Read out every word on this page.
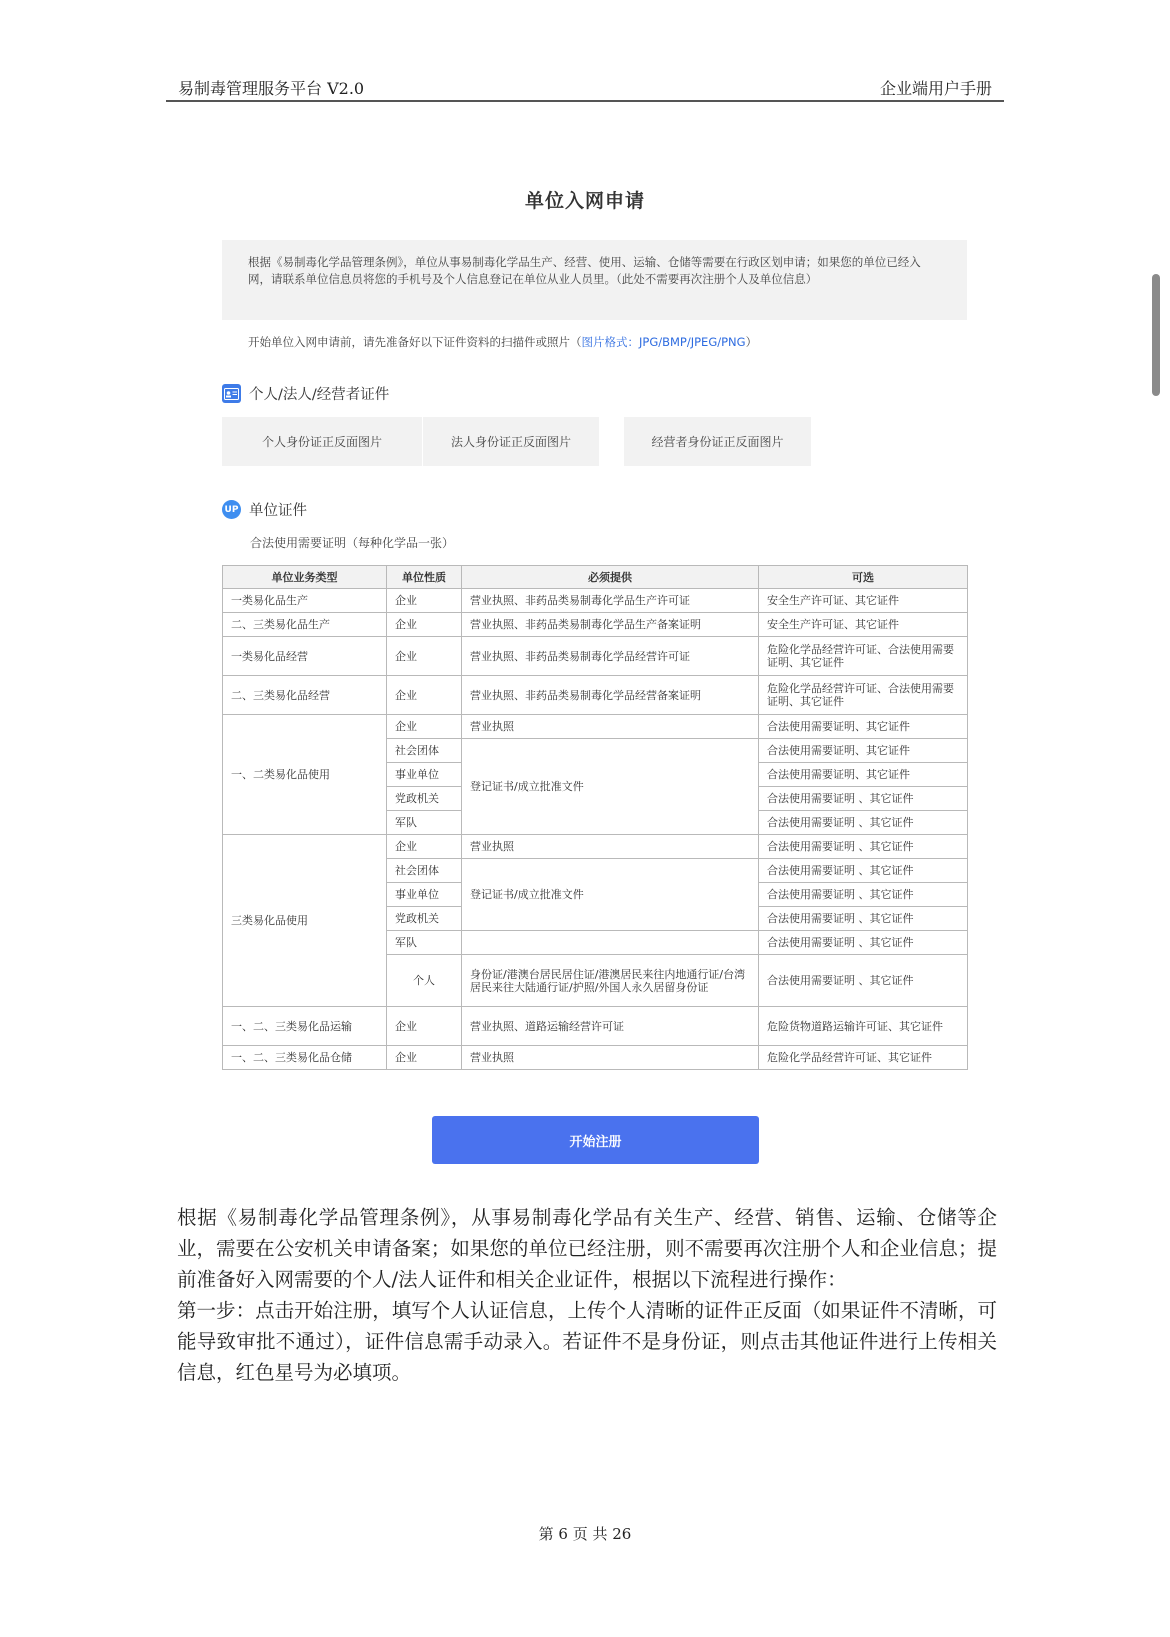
易制毒管理服务平台 V2.0	企业端用户手册
单位入网申请
根据《易制毒化学品管理条例》，单位从事易制毒化学品生产、经营、使用、运输、仓储等需要在行政区划申请；如果您的单位已经入网，请联系单位信息员将您的手机号及个人信息登记在单位从业人员里。（此处不需要再次注册个人及单位信息）
开始单位入网申请前，请先准备好以下证件资料的扫描件或照片（图片格式：JPG/BMP/JPEG/PNG）
个人/法人/经营者证件
个人身份证正反面图片	法人身份证正反面图片	经营者身份证正反面图片
UP 单位证件
合法使用需要证明（每种化学品一张）
单位业务类型	单位性质	必须提供	可选
一类易化品生产	企业	营业执照、非药品类易制毒化学品生产许可证	安全生产许可证、其它证件
二、三类易化品生产	企业	营业执照、非药品类易制毒化学品生产备案证明	安全生产许可证、其它证件
一类易化品经营	企业	营业执照、非药品类易制毒化学品经营许可证	危险化学品经营许可证、合法使用需要证明、其它证件
二、三类易化品经营	企业	营业执照、非药品类易制毒化学品经营备案证明	危险化学品经营许可证、合法使用需要证明、其它证件
一、二类易化品使用	企业	营业执照	合法使用需要证明、其它证件
	社会团体	登记证书/成立批准文件	合法使用需要证明、其它证件
	事业单位		合法使用需要证明、其它证件
	党政机关		合法使用需要证明 、其它证件
	军队		合法使用需要证明 、其它证件
三类易化品使用	企业	营业执照	合法使用需要证明 、其它证件
	社会团体	登记证书/成立批准文件	合法使用需要证明 、其它证件
	事业单位		合法使用需要证明 、其它证件
	党政机关		合法使用需要证明 、其它证件
	军队		合法使用需要证明 、其它证件
	个人	身份证/港澳台居民居住证/港澳居民来往内地通行证/台湾居民来往大陆通行证/护照/外国人永久居留身份证	合法使用需要证明 、其它证件
一、二、三类易化品运输	企业	营业执照、道路运输经营许可证	危险货物道路运输许可证、其它证件
一、二、三类易化品仓储	企业	营业执照	危险化学品经营许可证、其它证件
开始注册

根据《易制毒化学品管理条例》，从事易制毒化学品有关生产、经营、销售、运输、仓储等企业，需要在公安机关申请备案；如果您的单位已经注册，则不需要再次注册个人和企业信息；提前准备好入网需要的个人/法人证件和相关企业证件，根据以下流程进行操作：

第一步：点击开始注册，填写个人认证信息，上传个人清晰的证件正反面（如果证件不清晰，可能导致审批不通过），证件信息需手动录入。若证件不是身份证，则点击其他证件进行上传相关信息，红色星号为必填项。

第 6 页 共 26
